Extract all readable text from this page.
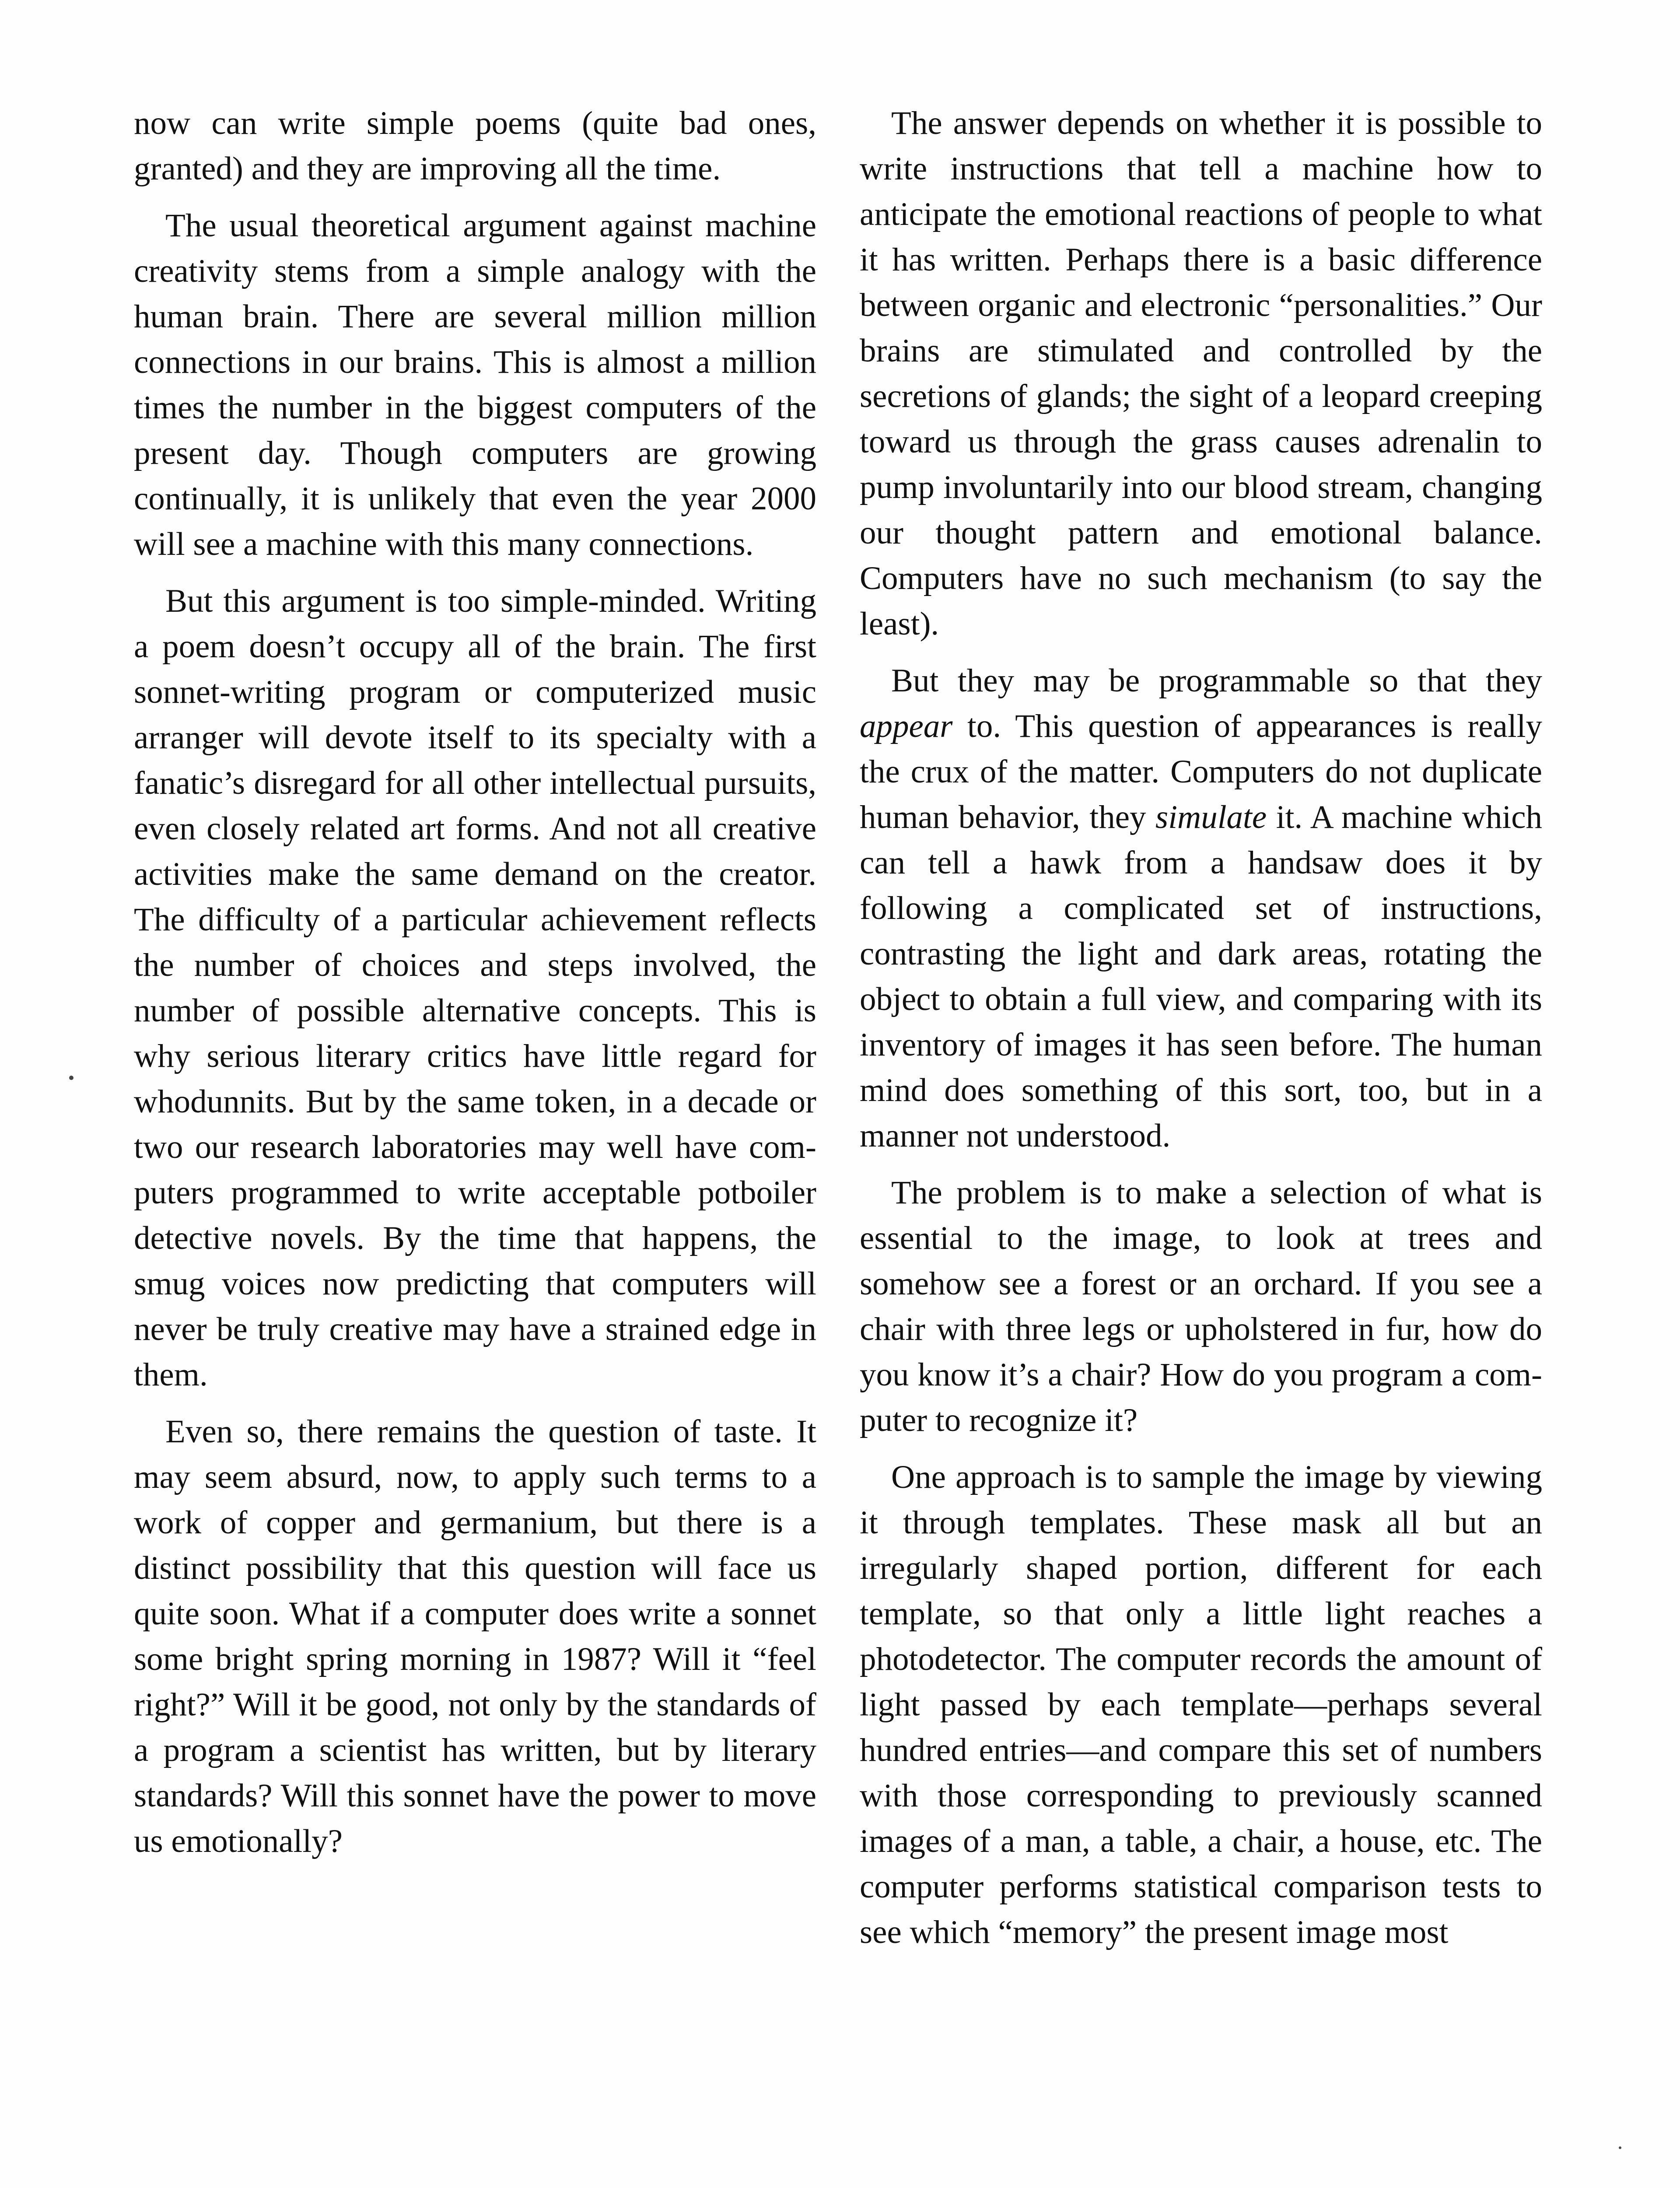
now can write simple poems (quite bad ones, granted) and they are improving all the time.

The usual theoretical argument against machine creativity stems from a simple analogy with the human brain. There are several million million connections in our brains. This is almost a million times the number in the biggest computers of the present day. Though computers are growing continually, it is unlikely that even the year 2000 will see a machine with this many connections.

But this argument is too simple-minded. Writing a poem doesn’t occupy all of the brain. The first sonnet-writing program or computerized music arranger will devote itself to its specialty with a fanatic’s disregard for all other intellectual pursuits, even closely related art forms. And not all creative activities make the same demand on the creator. The difficulty of a particular achievement reflects the number of choices and steps involved, the number of possible alternative concepts. This is why serious literary critics have little regard for whodunnits. But by the same token, in a decade or two our research laboratories may well have computers programmed to write acceptable potboiler detective novels. By the time that happens, the smug voices now predicting that computers will never be truly creative may have a strained edge in them.

Even so, there remains the question of taste. It may seem absurd, now, to apply such terms to a work of copper and germanium, but there is a distinct possibility that this question will face us quite soon. What if a computer does write a sonnet some bright spring morning in 1987? Will it “feel right?” Will it be good, not only by the standards of a program a scientist has written, but by literary standards? Will this sonnet have the power to move us emotionally?

The answer depends on whether it is possible to write instructions that tell a machine how to anticipate the emotional reactions of people to what it has written. Perhaps there is a basic difference between organic and electronic “personalities.” Our brains are stimulated and controlled by the secretions of glands; the sight of a leopard creeping toward us through the grass causes adrenalin to pump involuntarily into our blood stream, changing our thought pattern and emotional balance. Computers have no such mechanism (to say the least).

But they may be programmable so that they appear to. This question of appearances is really the crux of the matter. Computers do not duplicate human behavior, they simulate it. A machine which can tell a hawk from a handsaw does it by following a complicated set of instructions, contrasting the light and dark areas, rotating the object to obtain a full view, and comparing with its inventory of images it has seen before. The human mind does something of this sort, too, but in a manner not understood.

The problem is to make a selection of what is essential to the image, to look at trees and somehow see a forest or an orchard. If you see a chair with three legs or upholstered in fur, how do you know it’s a chair? How do you program a computer to recognize it?

One approach is to sample the image by viewing it through templates. These mask all but an irregularly shaped portion, different for each template, so that only a little light reaches a photodetector. The computer records the amount of light passed by each template—perhaps several hundred entries—and compare this set of numbers with those corresponding to previously scanned images of a man, a table, a chair, a house, etc. The computer performs statistical comparison tests to see which “memory” the present image most
